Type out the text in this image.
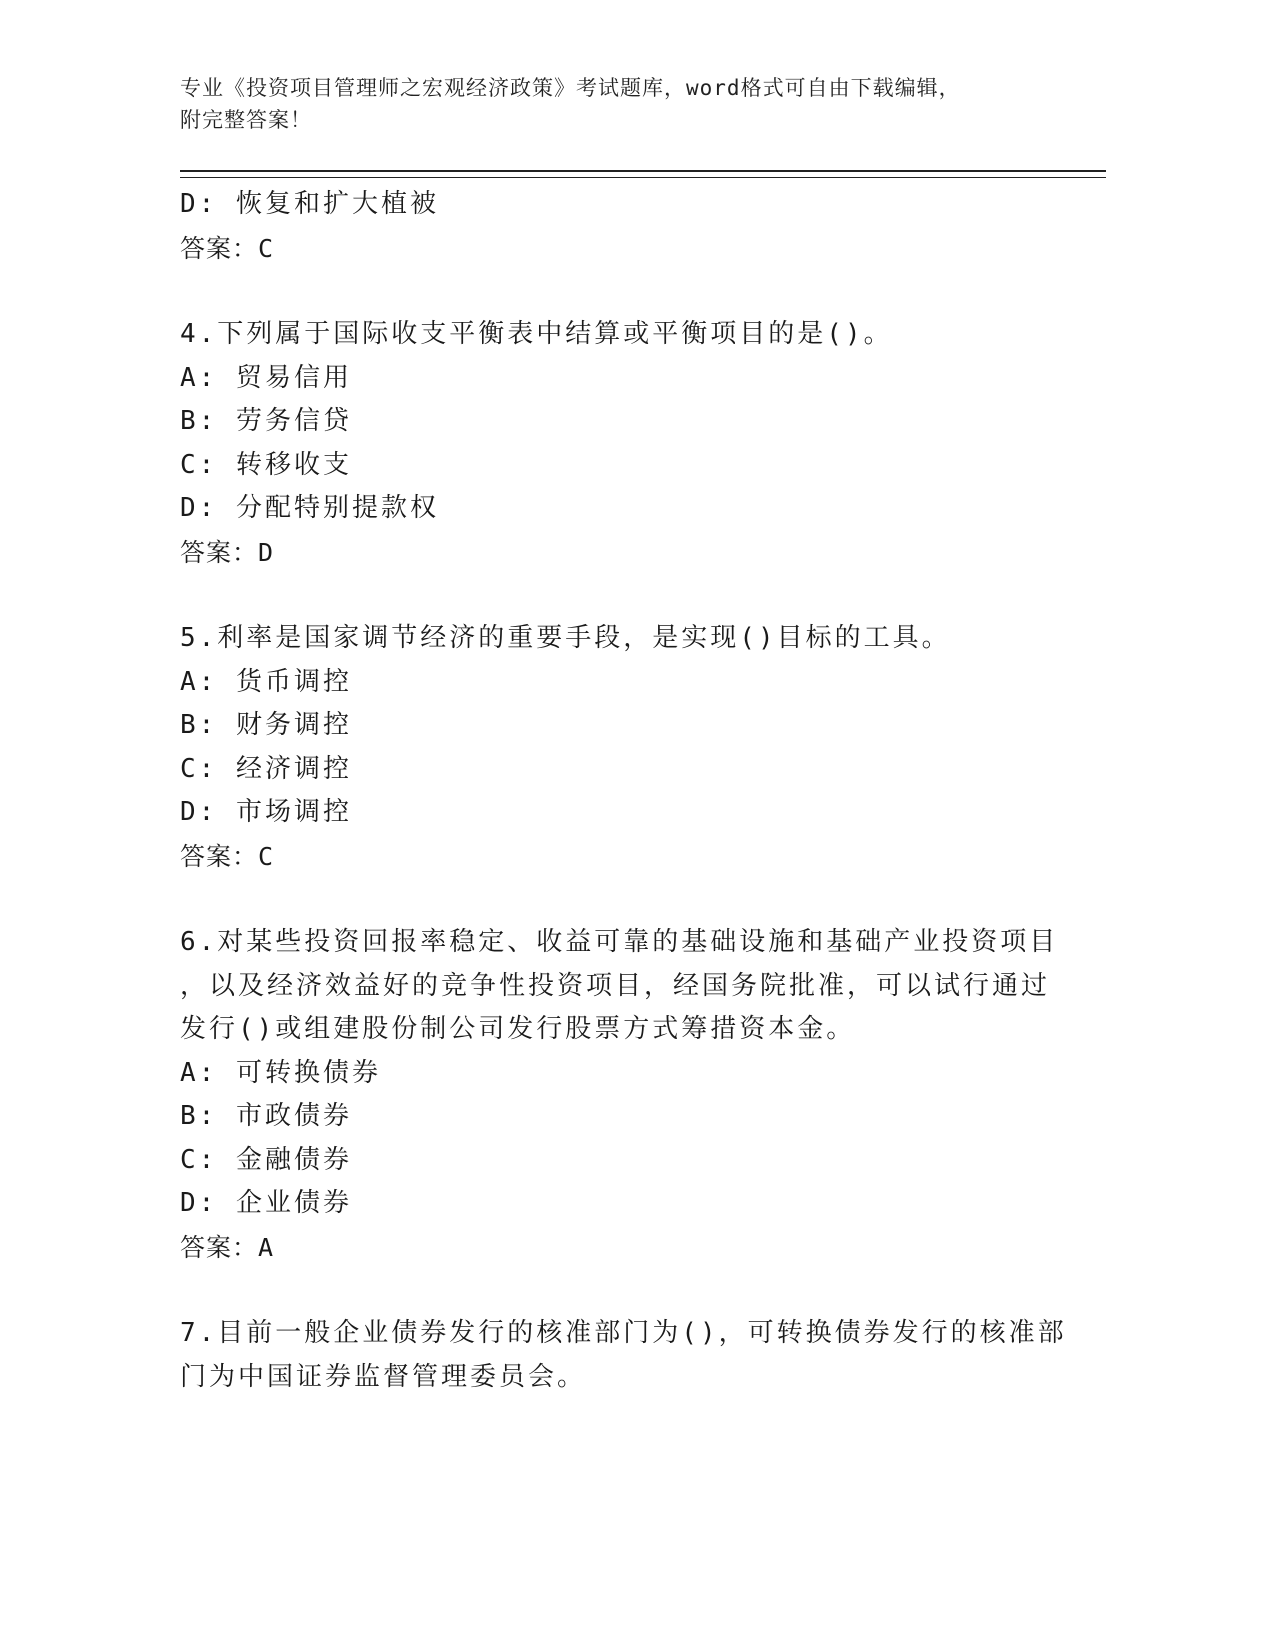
专业《投资项目管理师之宏观经济政策》考试题库，word格式可自由下载编辑，
附完整答案！
D: 恢复和扩大植被
答案：C
4.下列属于国际收支平衡表中结算或平衡项目的是()。
A: 贸易信用
B: 劳务信贷
C: 转移收支
D: 分配特别提款权
答案：D
5.利率是国家调节经济的重要手段，是实现()目标的工具。
A: 货币调控
B: 财务调控
C: 经济调控
D: 市场调控
答案：C
6.对某些投资回报率稳定、收益可靠的基础设施和基础产业投资项目
，以及经济效益好的竞争性投资项目，经国务院批准，可以试行通过
发行()或组建股份制公司发行股票方式筹措资本金。
A: 可转换债券
B: 市政债券
C: 金融债券
D: 企业债券
答案：A
7.目前一般企业债券发行的核准部门为()，可转换债券发行的核准部
门为中国证券监督管理委员会。
